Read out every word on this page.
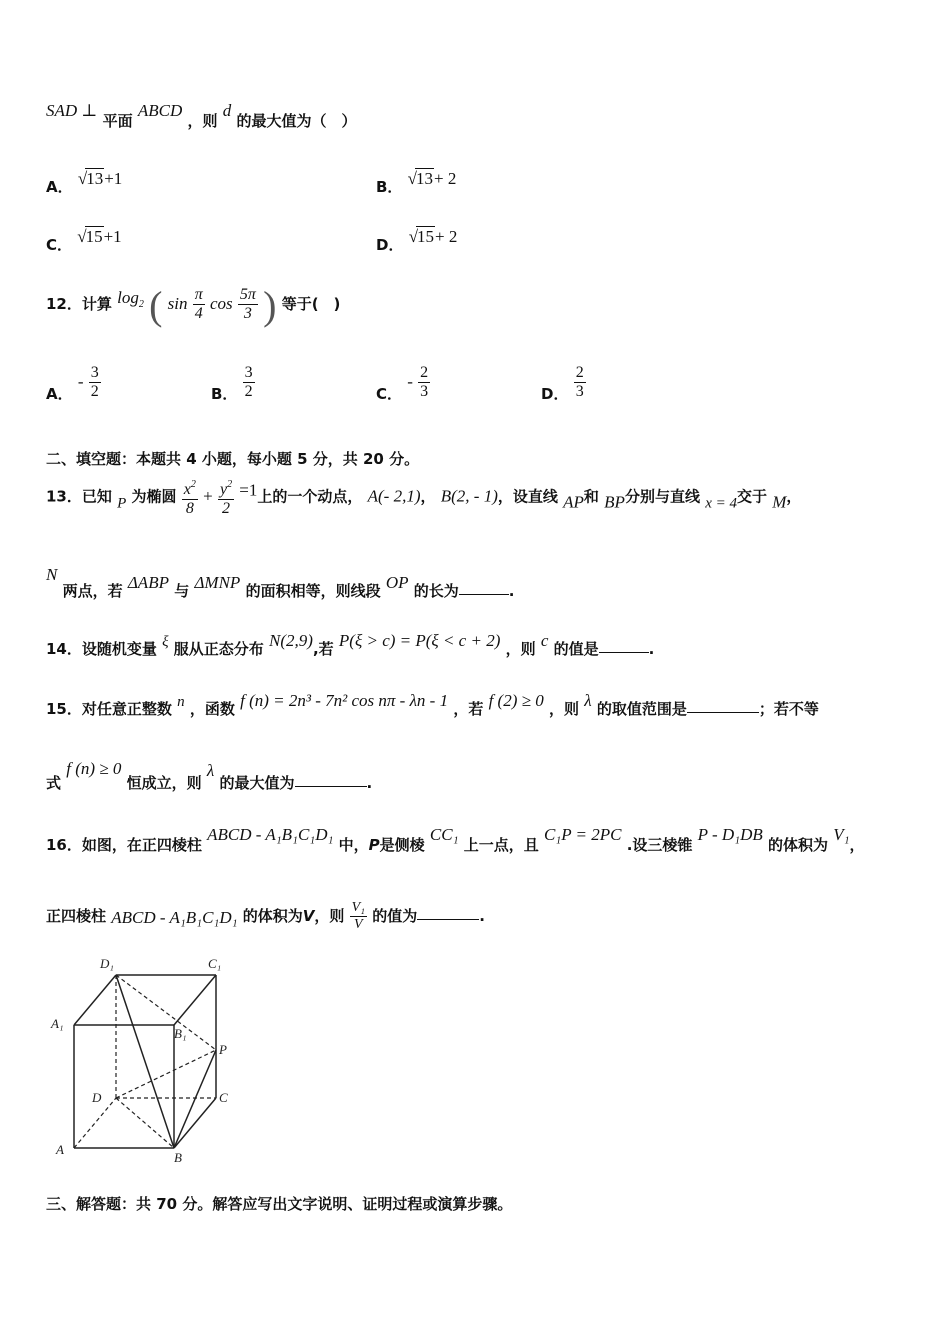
SAD ⊥ 平面 ABCD ，则 d 的最大值为（　）
A． √13+1	B． √13+ 2
C． √15+1	D． √15+ 2
12．计算 $\log_2$ ( $\sin \frac{\pi}{4}$ $\cos \frac{5\pi}{3}$ ) 等于(　)
A． - $\frac{3}{2}$	B． $\frac{3}{2}$	C． - $\frac{2}{3}$	D． $\frac{2}{3}$
二、填空题：本题共 4 小题，每小题 5 分，共 20 分。
13．已知 P 为椭圆 $\frac{x^2}{8} + \frac{y^2}{2} =1$上的一个动点， A(- 2,1)， B(2, - 1)，设直线 AP和 BP分别与直线 x = 4交于 M，
N 两点，若 ΔABP 与 ΔMNP 的面积相等，则线段 OP 的长为	.
14．设随机变量 ξ 服从正态分布 N(2,9),若 P(ξ > c) = P(ξ < c + 2) ，则 c 的值是	.
15．对任意正整数 n ，函数 f (n) = 2n³ - 7n² cos nπ - λn - 1 ，若 f (2) ≥ 0 ，则 λ 的取值范围是	；若不等
式 f (n) ≥ 0 恒成立，则 λ 的最大值为	.
16．如图，在正四棱柱 ABCD - A₁B₁C₁D₁ 中，P是侧棱 CC₁ 上一点，且 C₁P = 2PC .设三棱锥 P - D₁DB 的体积为 V₁，
正四棱柱 ABCD - A₁B₁C₁D₁ 的体积为V，则 $\frac{\text{V₁}}{V}$ 的值为	.
D₁	C₁
A₁
B₁
P
D	C
A
B
三、解答题：共 70 分。解答应写出文字说明、证明过程或演算步骤。
